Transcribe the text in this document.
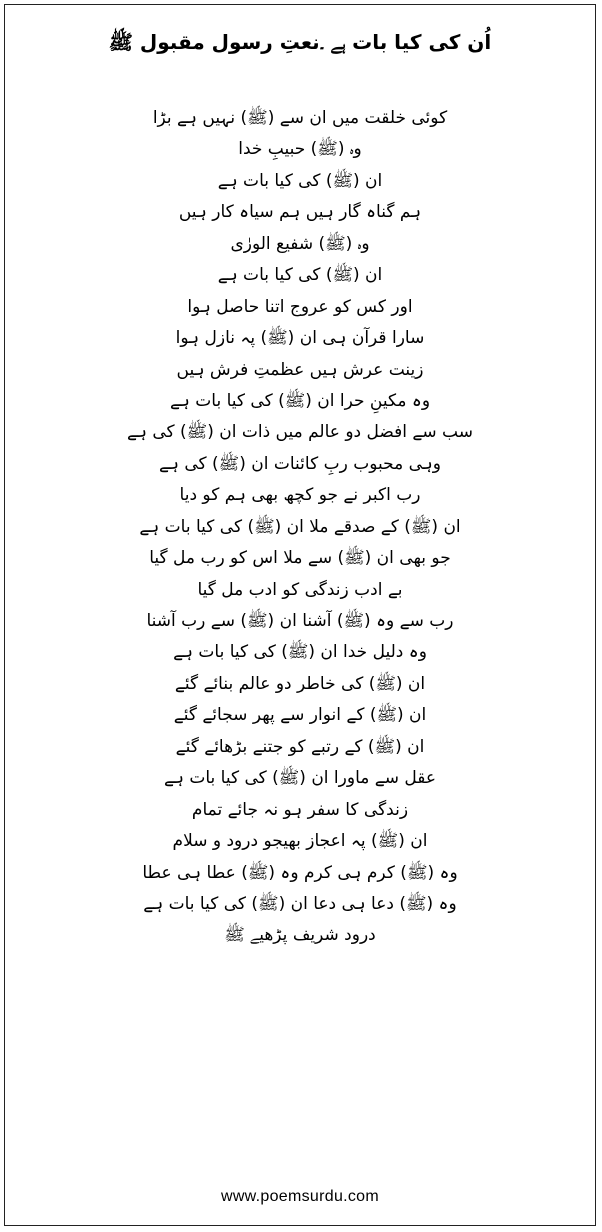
اُن کی کیا بات ہے ۔نعتِ رسول مقبول ﷺ
کوئی خلقت میں ان سے (ﷺ) نہیں ہے بڑا
وہ (ﷺ) حبیبِ خدا
ان (ﷺ) کی کیا بات ہے
ہم گناہ گار ہیں ہم سیاہ کار ہیں
وہ (ﷺ) شفیع الورٰی
ان (ﷺ) کی کیا بات ہے
اور کس کو عروج اتنا حاصل ہوا
سارا قرآن ہی ان (ﷺ) پہ نازل ہوا
زینت عرش ہیں عظمتِ فرش ہیں
وہ مکینِ حرا ان (ﷺ) کی کیا بات ہے
سب سے افضل دو عالم میں ذات ان (ﷺ) کی ہے
وہی محبوب ربِ کائنات ان (ﷺ) کی ہے
رب اکبر نے جو کچھ بھی ہم کو دیا
ان (ﷺ) کے صدقے ملا ان (ﷺ) کی کیا بات ہے
جو بھی ان (ﷺ) سے ملا اس کو رب مل گیا
بے ادب زندگی کو ادب مل گیا
رب سے وہ (ﷺ) آشنا ان (ﷺ) سے رب آشنا
وہ دلیل خدا ان (ﷺ) کی کیا بات ہے
ان (ﷺ) کی خاطر دو عالم بنائے گئے
ان (ﷺ) کے انوار سے پھر سجائے گئے
ان (ﷺ) کے رتبے کو جتنے بڑھائے گئے
عقل سے ماورا ان (ﷺ) کی کیا بات ہے
زندگی کا سفر ہو نہ جائے تمام
ان (ﷺ) پہ اعجاز بھیجو درود و سلام
وہ (ﷺ) کرم ہی کرم وہ (ﷺ) عطا ہی عطا
وہ (ﷺ) دعا ہی دعا ان (ﷺ) کی کیا بات ہے
درود شریف پڑھیے ﷺ
www.poemsurdu.com
